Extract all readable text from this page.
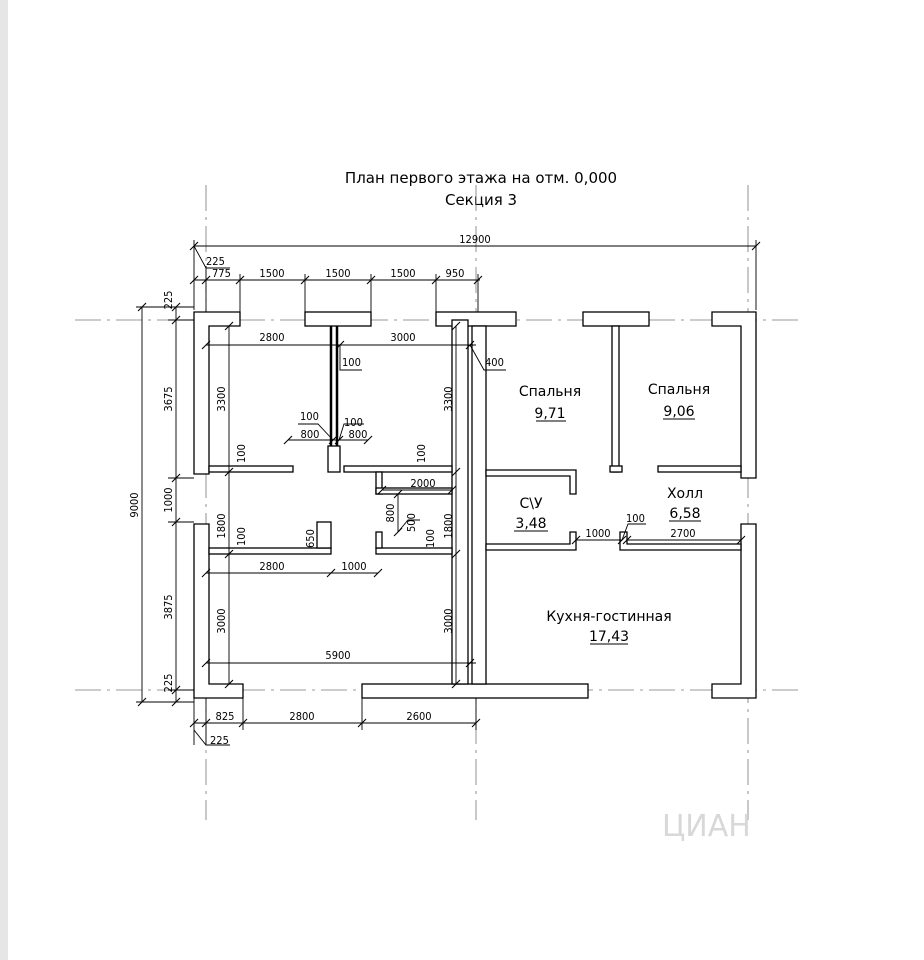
План первого этажа на отм. 0,000
Секция 3
12900
225
775	1500	1500	1500	950
9000
225
3675
1000
3875
225
825	2800	2600
225
2800	3000
400
100
3300	3300
100 100
800	800
100	100
2000
800
500
100
1800	1800
100	650
2800	1000
3000	3000
5900
100
1000	2700
Спальня
9,71
Спальня
9,06
С\У
3,48
Холл
6,58
Кухня-гостинная
17,43
ЦИАН
